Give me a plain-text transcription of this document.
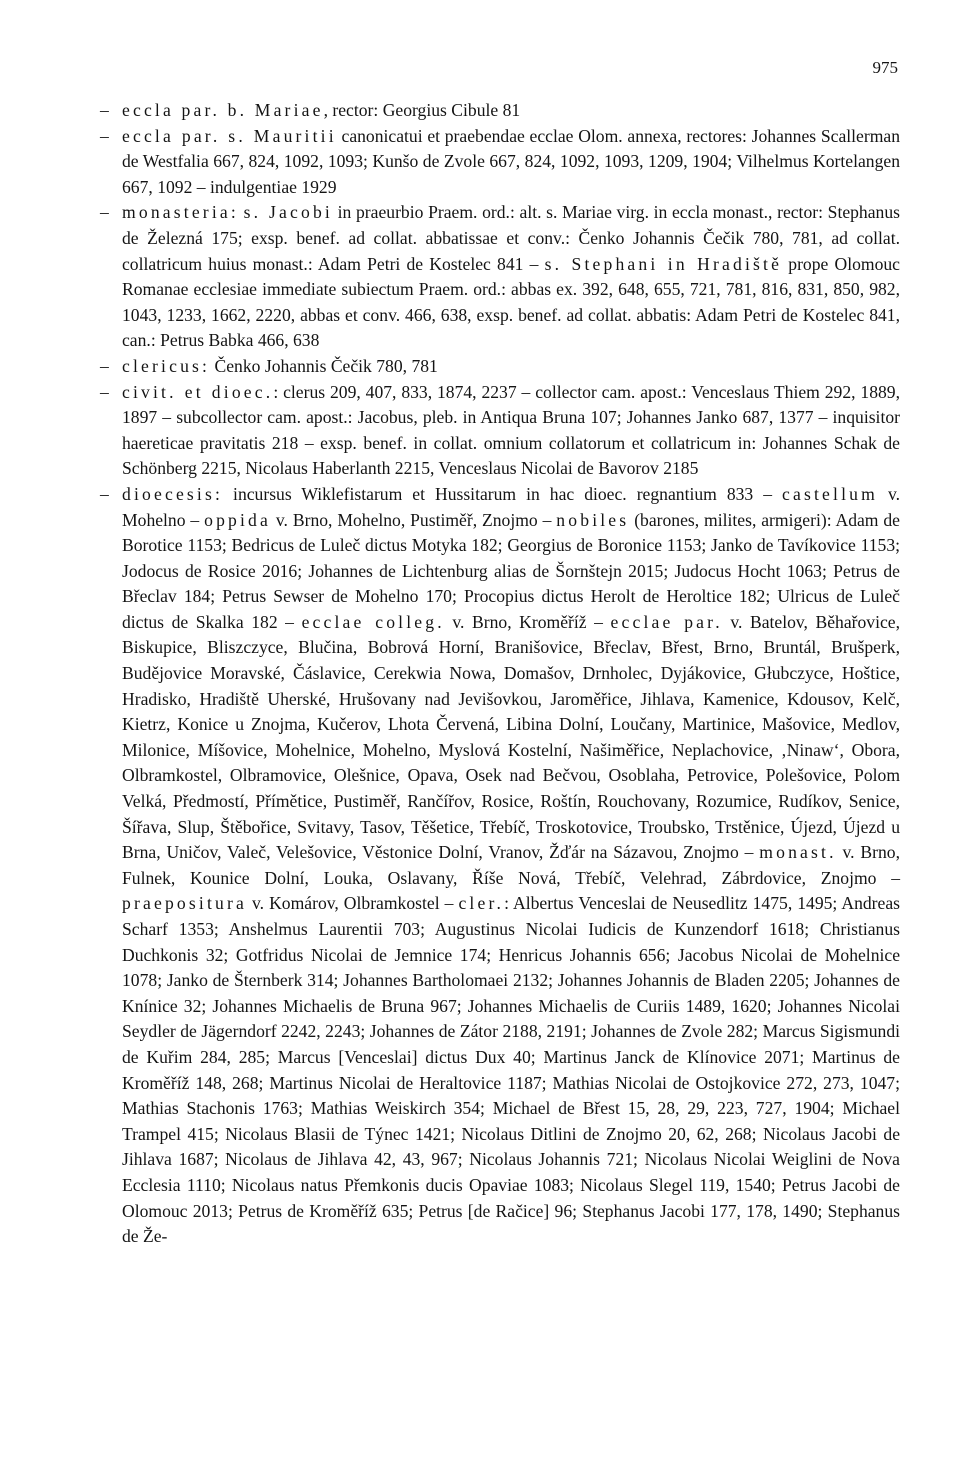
975
– eccla par. b. Mariae, rector: Georgius Cibule 81
– eccla par. s. Mauritii canonicatui et praebendae ecclae Olom. annexa, rectores: Johannes Scallerman de Westfalia 667, 824, 1092, 1093; Kunšo de Zvole 667, 824, 1092, 1093, 1209, 1904; Vilhelmus Kortelangen 667, 1092 – indulgentiae 1929
– monasteria: s. Jacobi in praeurbio Praem. ord.: alt. s. Mariae virg. in eccla monast., rector: Stephanus de Železná 175; exsp. benef. ad collat. abbatissae et conv.: Čenko Johannis Čečik 780, 781, ad collat. collatricum huius monast.: Adam Petri de Kostelec 841 – s. Stephani in Hradiště prope Olomouc Romanae ecclesiae immediate subiectum Praem. ord.: abbas ex. 392, 648, 655, 721, 781, 816, 831, 850, 982, 1043, 1233, 1662, 2220, abbas et conv. 466, 638, exsp. benef. ad collat. abbatis: Adam Petri de Kostelec 841, can.: Petrus Babka 466, 638
– clericus: Čenko Johannis Čečik 780, 781
– civit. et dioec.: clerus 209, 407, 833, 1874, 2237 – collector cam. apost.: Venceslaus Thiem 292, 1889, 1897 – subcollector cam. apost.: Jacobus, pleb. in Antiqua Bruna 107; Johannes Janko 687, 1377 – inquisitor haereticae pravitatis 218 – exsp. benef. in collat. omnium collatorum et collatricum in: Johannes Schak de Schönberg 2215, Nicolaus Haberlanth 2215, Venceslaus Nicolai de Bavorov 2185
– dioecesis: incursus Wiklefistarum et Hussitarum in hac dioec. regnantium 833 – castellum v. Mohelno – oppida v. Brno, Mohelno, Pustiměř, Znojmo – nobiles (barones, milites, armigeri): Adam de Borotice 1153; Bedricus de Luleč dictus Motyka 182; Georgius de Boronice 1153; Janko de Tavíkovice 1153; Jodocus de Rosice 2016; Johannes de Lichtenburg alias de Šornštejn 2015; Judocus Hocht 1063; Petrus de Břeclav 184; Petrus Sewser de Mohelno 170; Procopius dictus Herolt de Heroltice 182; Ulricus de Luleč dictus de Skalka 182 – ecclae colleg. v. Brno, Kroměříž – ecclae par. v. Batelov, Běhařovice, Biskupice, Bliszczyce, Blučina, Bobrová Horní, Branišovice, Břeclav, Břest, Brno, Bruntál, Brušperk, Budějovice Moravské, Čáslavice, Cerekwia Nowa, Domašov, Drnholec, Dyjákovice, Głubczyce, Hoštice, Hradisko, Hradiště Uherské, Hrušovany nad Jevišovkou, Jaroměřice, Jihlava, Kamenice, Kdousov, Kelč, Kietrz, Konice u Znojma, Kučerov, Lhota Červená, Libina Dolní, Loučany, Martinice, Mašovice, Medlov, Milonice, Míšovice, Mohelnice, Mohelno, Myslová Kostelní, Našiměřice, Neplachovice, ‚Ninaw‘, Obora, Olbramkostel, Olbramovice, Olešnice, Opava, Osek nad Bečvou, Osoblaha, Petrovice, Polešovice, Polom Velká, Předmostí, Přímětice, Pustiměř, Rančířov, Rosice, Roštín, Rouchovany, Rozumice, Rudíkov, Senice, Šířava, Slup, Štěbořice, Svitavy, Tasov, Těšetice, Třebíč, Troskotovice, Troubsko, Trstěnice, Újezd, Újezd u Brna, Uničov, Valeč, Velešovice, Věstonice Dolní, Vranov, Žďár na Sázavou, Znojmo – monast. v. Brno, Fulnek, Kounice Dolní, Louka, Oslavany, Říše Nová, Třebíč, Velehrad, Zábrdovice, Znojmo – praepositura v. Komárov, Olbramkostel – cler.: Albertus Venceslai de Neusedlitz 1475, 1495; Andreas Scharf 1353; Anshelmus Laurentii 703; Augustinus Nicolai Iudicis de Kunzendorf 1618; Christianus Duchkonis 32; Gotfridus Nicolai de Jemnice 174; Henricus Johannis 656; Jacobus Nicolai de Mohelnice 1078; Janko de Šternberk 314; Johannes Bartholomaei 2132; Johannes Johannis de Bladen 2205; Johannes de Knínice 32; Johannes Michaelis de Bruna 967; Johannes Michaelis de Curiis 1489, 1620; Johannes Nicolai Seydler de Jägerndorf 2242, 2243; Johannes de Zátor 2188, 2191; Johannes de Zvole 282; Marcus Sigismundi de Kuřim 284, 285; Marcus [Venceslai] dictus Dux 40; Martinus Janck de Klínovice 2071; Martinus de Kroměříž 148, 268; Martinus Nicolai de Heraltovice 1187; Mathias Nicolai de Ostojkovice 272, 273, 1047; Mathias Stachonis 1763; Mathias Weiskirch 354; Michael de Břest 15, 28, 29, 223, 727, 1904; Michael Trampel 415; Nicolaus Blasii de Týnec 1421; Nicolaus Ditlini de Znojmo 20, 62, 268; Nicolaus Jacobi de Jihlava 1687; Nicolaus de Jihlava 42, 43, 967; Nicolaus Johannis 721; Nicolaus Nicolai Weiglini de Nova Ecclesia 1110; Nicolaus natus Přemkonis ducis Opaviae 1083; Nicolaus Slegel 119, 1540; Petrus Jacobi de Olomouc 2013; Petrus de Kroměříž 635; Petrus [de Račice] 96; Stephanus Jacobi 177, 178, 1490; Stephanus de Že-
